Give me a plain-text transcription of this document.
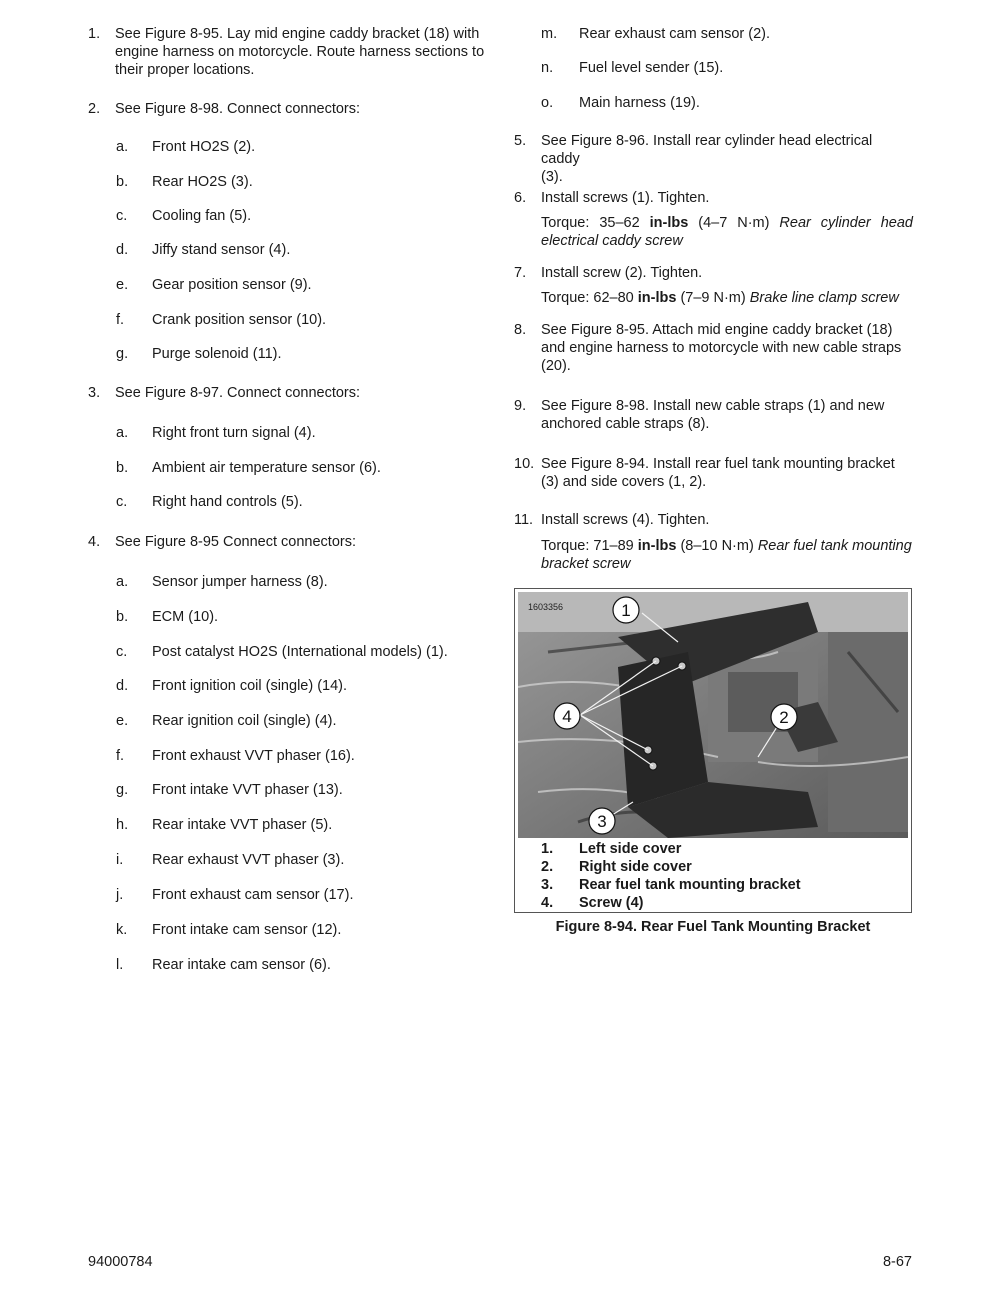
1. See Figure 8-95. Lay mid engine caddy bracket (18) with
engine harness on motorcycle. Route harness sections to
their proper locations.
2. See Figure 8-98. Connect connectors:
a. Front HO2S (2).
b. Rear HO2S (3).
c. Cooling fan (5).
d. Jiffy stand sensor (4).
e. Gear position sensor (9).
f. Crank position sensor (10).
g. Purge solenoid (11).
3. See Figure 8-97. Connect connectors:
a. Right front turn signal (4).
b. Ambient air temperature sensor (6).
c. Right hand controls (5).
4. See Figure 8-95 Connect connectors:
a. Sensor jumper harness (8).
b. ECM (10).
c. Post catalyst HO2S (International models) (1).
d. Front ignition coil (single) (14).
e. Rear ignition coil (single) (4).
f. Front exhaust VVT phaser (16).
g. Front intake VVT phaser (13).
h. Rear intake VVT phaser (5).
i. Rear exhaust VVT phaser (3).
j. Front exhaust cam sensor (17).
k. Front intake cam sensor (12).
l. Rear intake cam sensor (6).
m. Rear exhaust cam sensor (2).
n. Fuel level sender (15).
o. Main harness (19).
5. See Figure 8-96. Install rear cylinder head electrical caddy
(3).
6. Install screws (1). Tighten.
Torque: 35–62 in-lbs (4–7 N·m) Rear cylinder head electrical caddy screw
7. Install screw (2). Tighten.
Torque: 62–80 in-lbs (7–9 N·m) Brake line clamp screw
8. See Figure 8-95. Attach mid engine caddy bracket (18)
and engine harness to motorcycle with new cable straps
(20).
9. See Figure 8-98. Install new cable straps (1) and new
anchored cable straps (8).
10. See Figure 8-94. Install rear fuel tank mounting bracket
(3) and side covers (1, 2).
11. Install screws (4). Tighten.
Torque: 71–89 in-lbs (8–10 N·m) Rear fuel tank mounting bracket screw
1603356	1
2
3
4
1. Left side cover
2. Right side cover
3. Rear fuel tank mounting bracket
4. Screw (4)
Figure 8-94. Rear Fuel Tank Mounting Bracket
94000784	8-67
